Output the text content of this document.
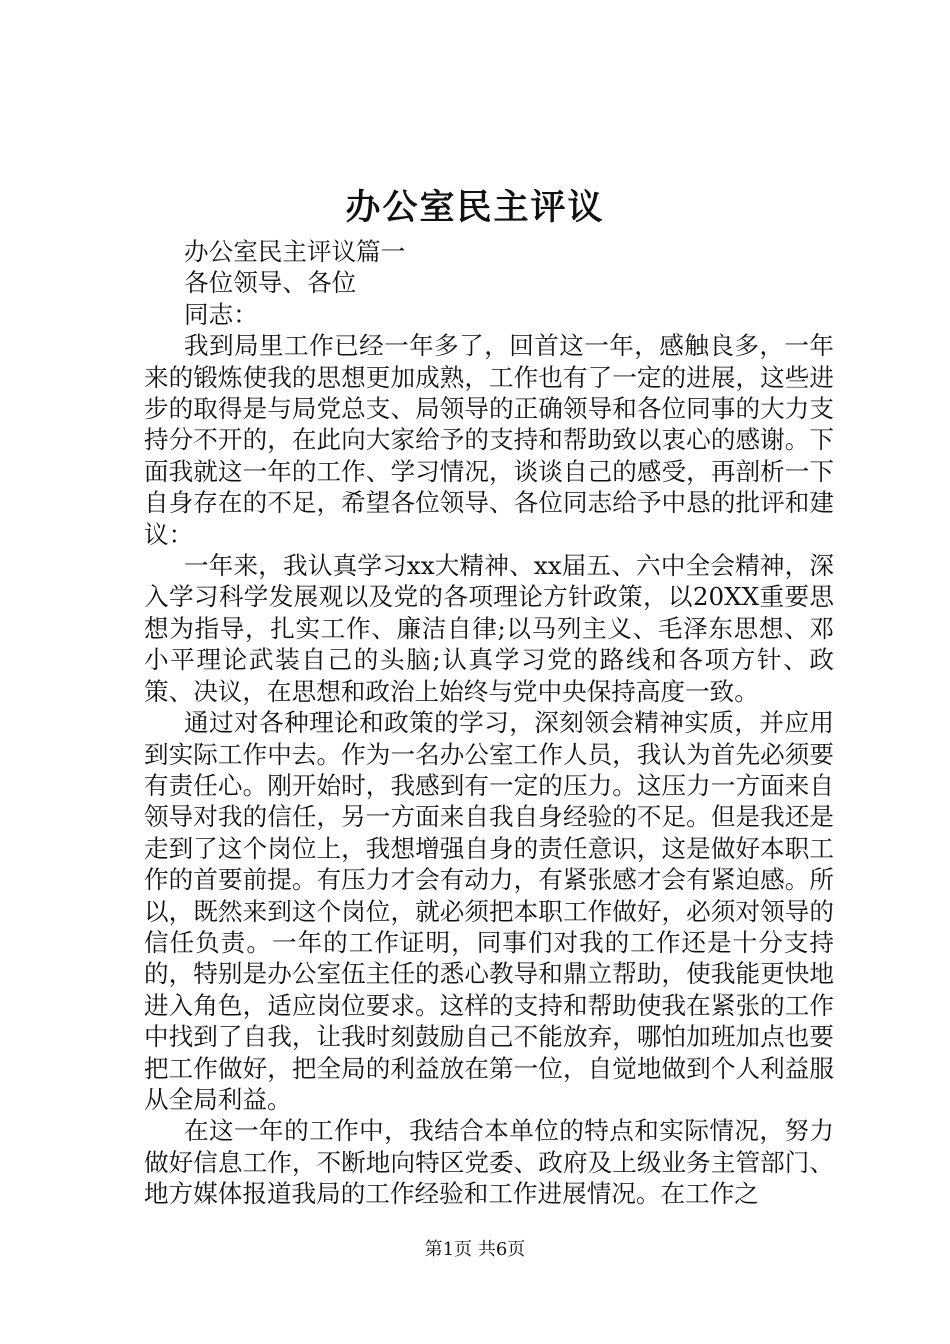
办公室民主评议

办公室民主评议篇一

各位领导、各位

同志：

我到局里工作已经一年多了，回首这一年，感触良多，一年来的锻炼使我的思想更加成熟，工作也有了一定的进展，这些进步的取得是与局党总支、局领导的正确领导和各位同事的大力支持分不开的，在此向大家给予的支持和帮助致以衷心的感谢。下面我就这一年的工作、学习情况，谈谈自己的感受，再剖析一下自身存在的不足，希望各位领导、各位同志给予中恳的批评和建议：

一年来，我认真学习xx大精神、xx届五、六中全会精神，深入学习科学发展观以及党的各项理论方针政策，以20XX重要思想为指导，扎实工作、廉洁自律;以马列主义、毛泽东思想、邓小平理论武装自己的头脑;认真学习党的路线和各项方针、政策、决议，在思想和政治上始终与党中央保持高度一致。

通过对各种理论和政策的学习，深刻领会精神实质，并应用到实际工作中去。作为一名办公室工作人员，我认为首先必须要有责任心。刚开始时，我感到有一定的压力。这压力一方面来自领导对我的信任，另一方面来自我自身经验的不足。但是我还是走到了这个岗位上，我想增强自身的责任意识，这是做好本职工作的首要前提。有压力才会有动力，有紧张感才会有紧迫感。所以，既然来到这个岗位，就必须把本职工作做好，必须对领导的信任负责。一年的工作证明，同事们对我的工作还是十分支持的，特别是办公室伍主任的悉心教导和鼎立帮助，使我能更快地进入角色，适应岗位要求。这样的支持和帮助使我在紧张的工作中找到了自我，让我时刻鼓励自己不能放弃，哪怕加班加点也要把工作做好，把全局的利益放在第一位，自觉地做到个人利益服从全局利益。

在这一年的工作中，我结合本单位的特点和实际情况，努力做好信息工作，不断地向特区党委、政府及上级业务主管部门、地方媒体报道我局的工作经验和工作进展情况。在工作之

第1页 共6页
